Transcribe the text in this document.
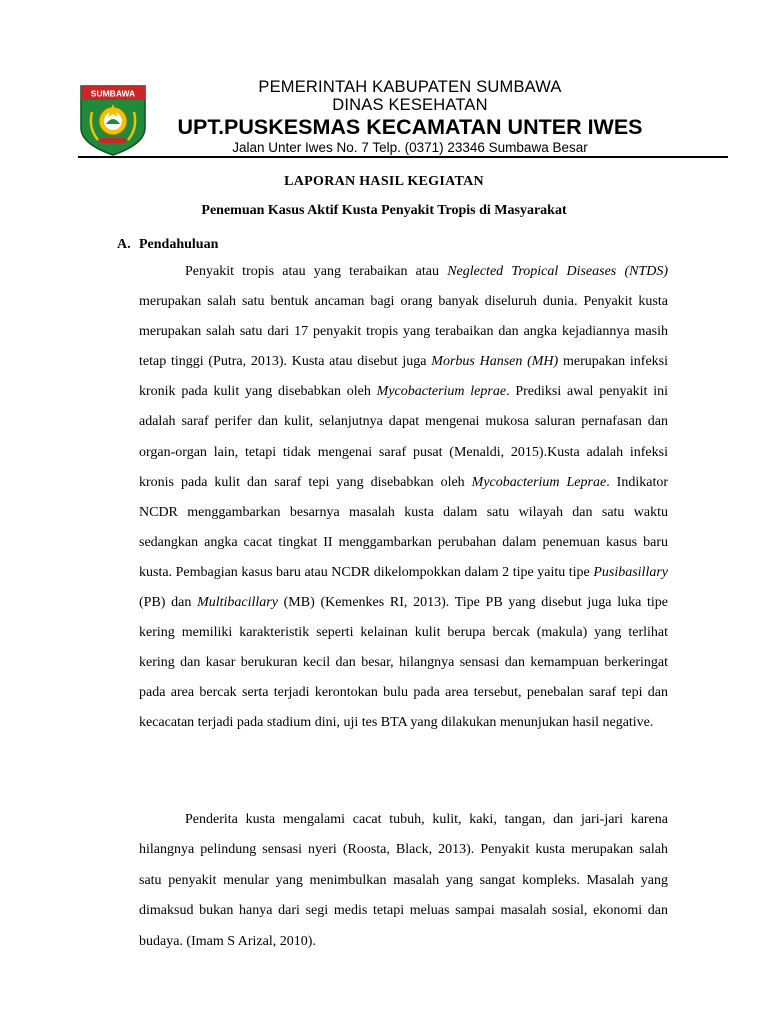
SUMBAWA	PEMERINTAH KABUPATEN SUMBAWA
DINAS KESEHATAN
UPT.PUSKESMAS KECAMATAN UNTER IWES
Jalan Unter Iwes No. 7 Telp. (0371) 23346 Sumbawa Besar
LAPORAN HASIL KEGIATAN
Penemuan Kasus Aktif Kusta Penyakit Tropis di Masyarakat
A. Pendahuluan

Penyakit tropis atau yang terabaikan atau Neglected Tropical Diseases (NTDS) merupakan salah satu bentuk ancaman bagi orang banyak diseluruh dunia. Penyakit kusta merupakan salah satu dari 17 penyakit tropis yang terabaikan dan angka kejadiannya masih tetap tinggi (Putra, 2013). Kusta atau disebut juga Morbus Hansen (MH) merupakan infeksi kronik pada kulit yang disebabkan oleh Mycobacterium leprae. Prediksi awal penyakit ini adalah saraf perifer dan kulit, selanjutnya dapat mengenai mukosa saluran pernafasan dan organ-organ lain, tetapi tidak mengenai saraf pusat (Menaldi, 2015).Kusta adalah infeksi kronis pada kulit dan saraf tepi yang disebabkan oleh Mycobacterium Leprae. Indikator NCDR menggambarkan besarnya masalah kusta dalam satu wilayah dan satu waktu sedangkan angka cacat tingkat II menggambarkan perubahan dalam penemuan kasus baru kusta. Pembagian kasus baru atau NCDR dikelompokkan dalam 2 tipe yaitu tipe Pusibasillary (PB) dan Multibacillary (MB) (Kemenkes RI, 2013). Tipe PB yang disebut juga luka tipe kering memiliki karakteristik seperti kelainan kulit berupa bercak (makula) yang terlihat kering dan kasar berukuran kecil dan besar, hilangnya sensasi dan kemampuan berkeringat pada area bercak serta terjadi kerontokan bulu pada area tersebut, penebalan saraf tepi dan kecacatan terjadi pada stadium dini, uji tes BTA yang dilakukan menunjukan hasil negative.

Penderita kusta mengalami cacat tubuh, kulit, kaki, tangan, dan jari-jari karena hilangnya pelindung sensasi nyeri (Roosta, Black, 2013). Penyakit kusta merupakan salah satu penyakit menular yang menimbulkan masalah yang sangat kompleks. Masalah yang dimaksud bukan hanya dari segi medis tetapi meluas sampai masalah sosial, ekonomi dan budaya. (Imam S Arizal, 2010).
